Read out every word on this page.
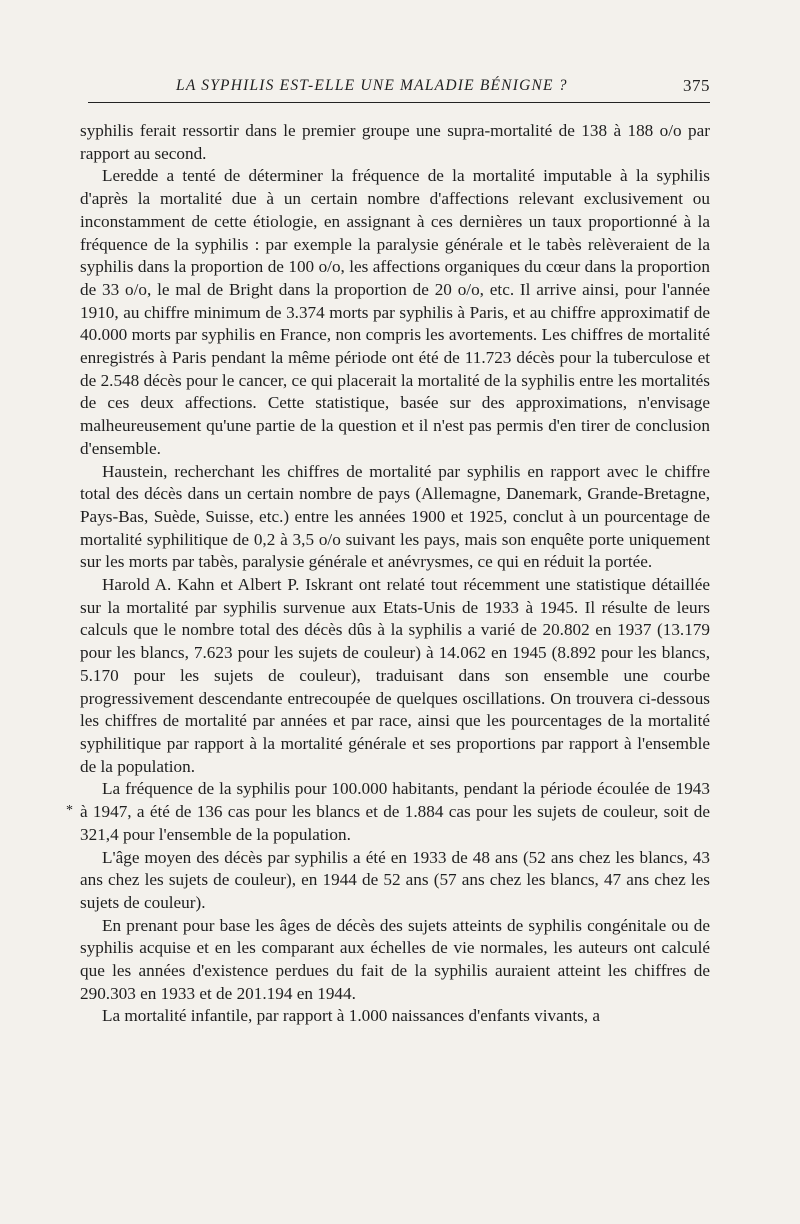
LA SYPHILIS EST-ELLE UNE MALADIE BÉNIGNE ?	375
*

syphilis ferait ressortir dans le premier groupe une supra-mortalité de 138 à 188 o/o par rapport au second.

Leredde a tenté de déterminer la fréquence de la mortalité imputable à la syphilis d'après la mortalité due à un certain nombre d'affections relevant exclusivement ou inconstamment de cette étiologie, en assignant à ces dernières un taux proportionné à la fréquence de la syphilis : par exemple la paralysie générale et le tabès relèveraient de la syphilis dans la proportion de 100 o/o, les affections organiques du cœur dans la proportion de 33 o/o, le mal de Bright dans la proportion de 20 o/o, etc. Il arrive ainsi, pour l'année 1910, au chiffre minimum de 3.374 morts par syphilis à Paris, et au chiffre approximatif de 40.000 morts par syphilis en France, non compris les avortements. Les chiffres de mortalité enregistrés à Paris pendant la même période ont été de 11.723 décès pour la tuberculose et de 2.548 décès pour le cancer, ce qui placerait la mortalité de la syphilis entre les mortalités de ces deux affections. Cette statistique, basée sur des approximations, n'envisage malheureusement qu'une partie de la question et il n'est pas permis d'en tirer de conclusion d'ensemble.

Haustein, recherchant les chiffres de mortalité par syphilis en rapport avec le chiffre total des décès dans un certain nombre de pays (Allemagne, Danemark, Grande-Bretagne, Pays-Bas, Suède, Suisse, etc.) entre les années 1900 et 1925, conclut à un pourcentage de mortalité syphilitique de 0,2 à 3,5 o/o suivant les pays, mais son enquête porte uniquement sur les morts par tabès, paralysie générale et anévrysmes, ce qui en réduit la portée.

Harold A. Kahn et Albert P. Iskrant ont relaté tout récemment une statistique détaillée sur la mortalité par syphilis survenue aux Etats-Unis de 1933 à 1945. Il résulte de leurs calculs que le nombre total des décès dûs à la syphilis a varié de 20.802 en 1937 (13.179 pour les blancs, 7.623 pour les sujets de couleur) à 14.062 en 1945 (8.892 pour les blancs, 5.170 pour les sujets de couleur), traduisant dans son ensemble une courbe progressivement descendante entrecoupée de quelques oscillations. On trouvera ci-dessous les chiffres de mortalité par années et par race, ainsi que les pourcentages de la mortalité syphilitique par rapport à la mortalité générale et ses proportions par rapport à l'ensemble de la population.

La fréquence de la syphilis pour 100.000 habitants, pendant la période écoulée de 1943 à 1947, a été de 136 cas pour les blancs et de 1.884 cas pour les sujets de couleur, soit de 321,4 pour l'ensemble de la population.

L'âge moyen des décès par syphilis a été en 1933 de 48 ans (52 ans chez les blancs, 43 ans chez les sujets de couleur), en 1944 de 52 ans (57 ans chez les blancs, 47 ans chez les sujets de couleur).

En prenant pour base les âges de décès des sujets atteints de syphilis congénitale ou de syphilis acquise et en les comparant aux échelles de vie normales, les auteurs ont calculé que les années d'existence perdues du fait de la syphilis auraient atteint les chiffres de 290.303 en 1933 et de 201.194 en 1944.

La mortalité infantile, par rapport à 1.000 naissances d'enfants vivants, a
